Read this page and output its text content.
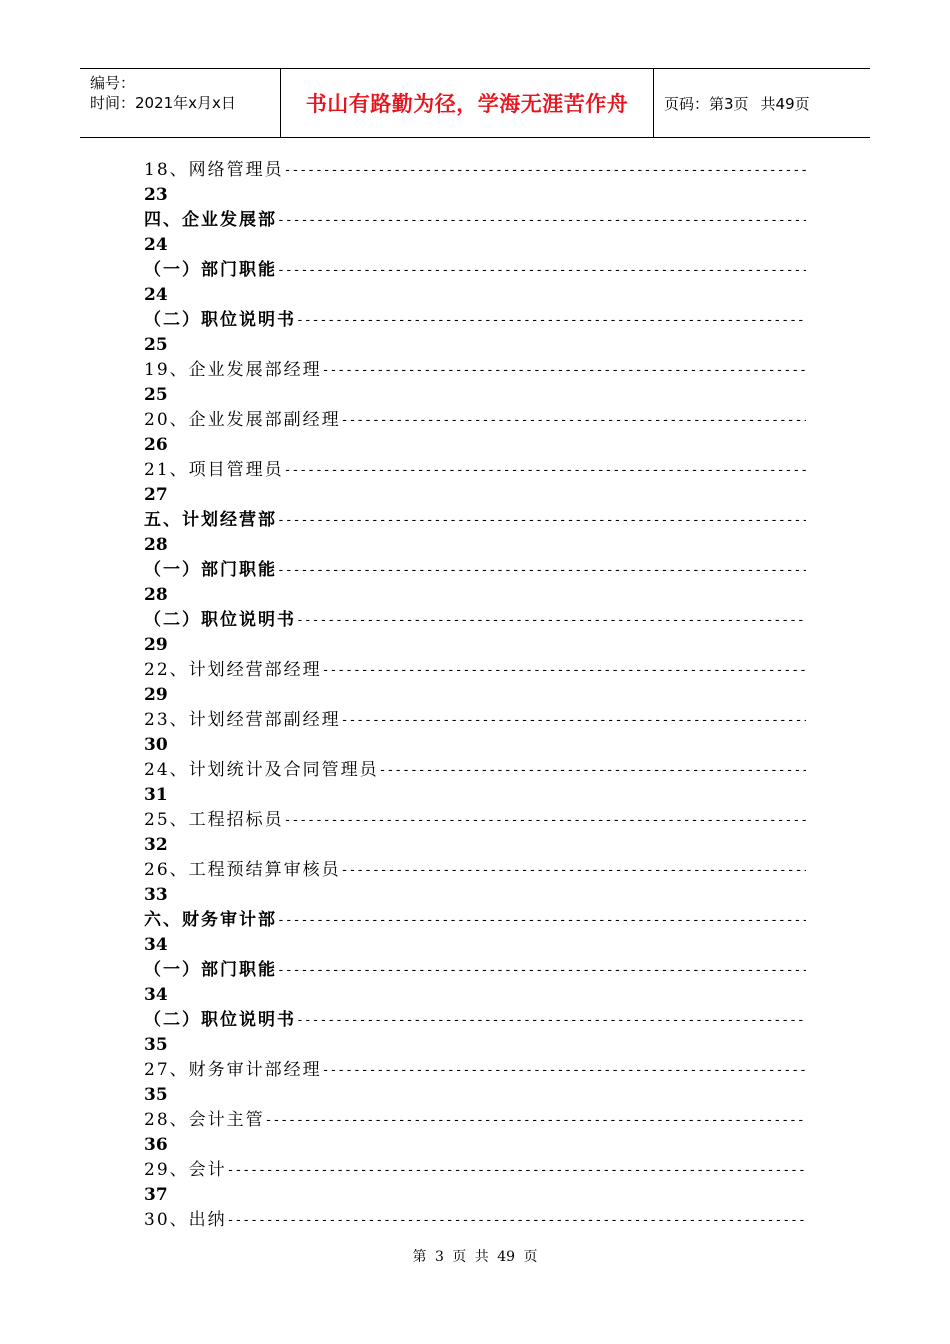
编号：
时间：2021年x月x日	书山有路勤为径，学海无涯苦作舟	页码：第3页 共49页
18、网络管理员
-----
23
四、企业发展部
-----
24
（一）部门职能
-----
24
（二）职位说明书
-----
25
19、企业发展部经理
-----
25
20、企业发展部副经理
-----
26
21、项目管理员
-----
27
五、计划经营部
-----
28
（一）部门职能
-----
28
（二）职位说明书
-----
29
22、计划经营部经理
-----
29
23、计划经营部副经理
-----
30
24、计划统计及合同管理员
-----
31
25、工程招标员
-----
32
26、工程预结算审核员
-----
33
六、财务审计部
-----
34
（一）部门职能
-----
34
（二）职位说明书
-----
35
27、财务审计部经理
-----
35
28、会计主管
-----
36
29、会计
-----
37
30、出纳
-----
第 3 页 共 49 页
